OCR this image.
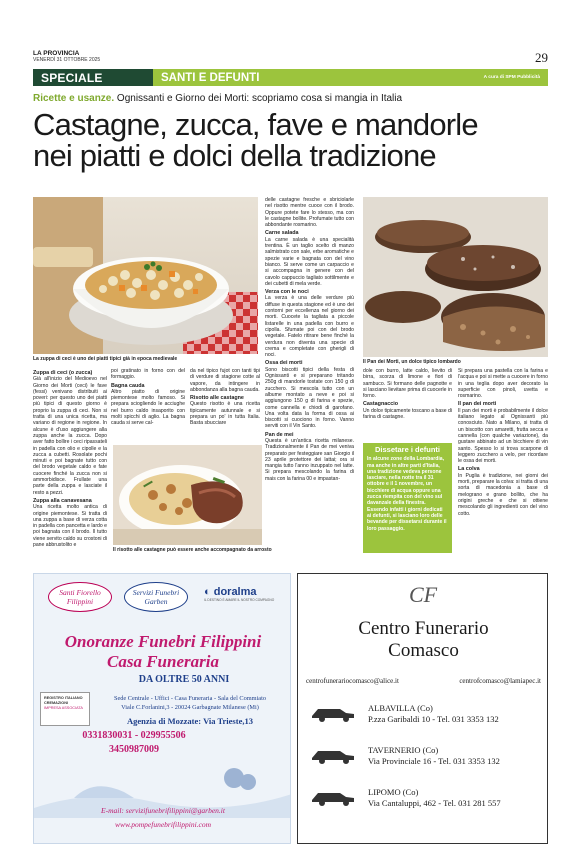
LA PROVINCIA
VENERDÌ 31 OTTOBRE 2025	29
SPECIALE	SANTI E DEFUNTI	A cura di SPM Pubblicità
Ricette e usanze. Ognissanti e Giorno dei Morti: scopriamo cosa si mangia in Italia
Castagne, zucca, fave e mandorle
nei piatti e dolci della tradizione
La zuppa di ceci è uno dei piatti tipici già in epoca medievale
Zuppa di ceci (o zucca)

Già all'inizio del Medioevo nel Giorno dei Morti (ceci) le fave (fessi) venivano distribuiti ai poveri: per questo uno dei piatti più tipici di questo giorno è proprio la zuppa di ceci. Non si tratta di una unica ricetta, ma variano di regione in regione. In alcune è d'uso aggiungere alla zuppa anche la zucca. Dopo aver fatto bollire i ceci ripassateli in padella con olio e cipolle e la zucca a cubetti. Rosolate pochi minuti e poi bagnate tutto con del brodo vegetale caldo e fate cuocere finché la zucca non si ammorbidisce. Frullate una parte della zuppa e lasciate il resto a pezzi.

Zuppa alla canavesana

Una ricetta molto antica di origine piemontese. Si tratta di una zuppa a base di verza cotta in padella con pancetta e lardo e poi bagnata con il brodo. Il tutto viene servito caldo su crostoni di pane abbrustolito e

poi gratinato in forno con del formaggio.

Bagna cauda

Altro piatto di origine piemontese molto famoso. Si prepara sciogliendo le acciughe nel burro caldo insaporito con molti spicchi di aglio. La bagna cauda si serve cal-

da nel tipico fujot con tanti tipi di verdure di stagione cotte al vapore, da intingere in abbondanza alla bagna cauda.

Risotto alle castagne

Questo risotto è una ricetta tipicamente autunnale e si prepara un po' in tutta Italia. Basta sbucciare

Il risotto alle castagne può essere anche accompagnato da arrosto

delle castagne fresche e sbriciolarle nel risotto mentre cuoce con il brodo. Oppure potete fare lo stesso, ma con le castagne bollite. Profumate tutto con abbondante rosmarino.

Carne salada

La carne salada è una specialità trentina. È un taglio scelto di manzo salmistrato con sale, erbe aromatiche e spezie varie e bagnata con del vino bianco. Si serve come un carpaccio e si accompagna in genere con del cavolo cappuccio tagliato sottilmente e dei cubetti di mela verde.

Verza con le noci

La verza è una delle verdure più diffuse in questa stagione ed è uno dei contorni per eccellenza nel giorno dei morti. Cuocete la tagliata a piccole listarelle in una padella con burro e cipolla. Sfumate poi con del brodo vegetale. Fatelo ritirare bene finché la verdura non diventa una specie di crema e completate con gherigli di noci.

Ossa dei morti

Sono biscotti tipici della festa di Ognissanti e si preparano tritando 250g di mandorle tostate con 150 g di zucchero. Si mescola tutto con un albume montato a neve e poi si aggiungono 150 g di farina e spezie, come cannella e chiodi di garofano. Una volta data la forma di ossa ai biscotti si cuociono in forno. Vanno serviti con il Vin Santo.

Pan de mei

Questa è un'antica ricetta milanese. Tradizionalmente il Pan de mei veniva preparato per festeggiare san Giorgio il 23 aprile protettore dei lattai; ora si mangia tutto l'anno inzuppato nel latte. Si prepara mescolando la farina di mais con la farina 00 e impastan-

Il Pan dei Morti, un dolce tipico lombardo

dole con burro, latte caldo, lievito di birra, scorza di limone e fiori di sambuco. Si formano delle pagnotte e si lasciano lievitare prima di cuocerle in forno.

Castagnaccio

Un dolce tipicamente toscano a base di farina di castagne.

Dissetare i defunti

In alcune zone della Lombardia, ma anche in altre parti d'Italia, una tradizione vedeva persone lasciare, nella notte tra il 31 ottobre e il 1 novembre, un bicchiere di acqua oppure una zucca riempita con del vino sul davanzale della finestra. Essendo infatti i giorni dedicati ai defunti, si lasciano loro delle bevande per dissetarsi durante il loro passaggio.

Si prepara una pastella con la farina e l'acqua e poi si mette a cuocere in forno in una teglia dopo aver decorato la superficie con pinoli, uvetta e rosmarino.

Il pan dei morti

Il pan dei morti è probabilmente il dolce italiano legato al Ognissanti più conosciuto. Nato a Milano, si tratta di un biscotto con amaretti, frutta secca e cannella (con qualche variazione), da gustare abbinato ad un bicchiere di vin santo. Spesso lo si trova scarpone di leggero zucchero a velo, per ricordare le ossa dei morti.

La colva

In Puglia è tradizione, nei giorni dei morti, preparare la colva: si tratta di una sorta di macedonia a base di melograno e grano bollito, che ha origini greche e che si ottiene mescolando gli ingredienti con del vino cotto.

Santi Fiorello Filippini
Servizi Funebri Garben
◐ doralma
IL DESTINO È AMARE IL NOSTRO COMPAGNO
Onoranze Funebri Filippini
Casa Funeraria
DA OLTRE 50 ANNI
REGISTRO ITALIANO CREMAZIONI
IMPRESA ASSOCIATA
Sede Centrale - Uffici - Casa Funeraria - Sala del Commiato
Viale C.Forlanini,3 - 20024 Garbagnate Milanese (Mi)
Agenzia di Mozzate: Via Trieste,13
0331830031 - 029955506
3450987009
E-mail: servizifunebrifilippini@garben.it
www.pompefunebrifilippini.com
CF
Centro Funerario
Comasco
centrofunerariocomasco@alice.it	centrofcomasco@lamiapec.it
ALBAVILLA (Co)
P.zza Garibaldi 10 - Tel. 031 3353 132
TAVERNERIO (Co)
Via Provinciale 16 - Tel. 031 3353 132
LIPOMO (Co)
Via Cantaluppi, 462 - Tel. 031 281 557
